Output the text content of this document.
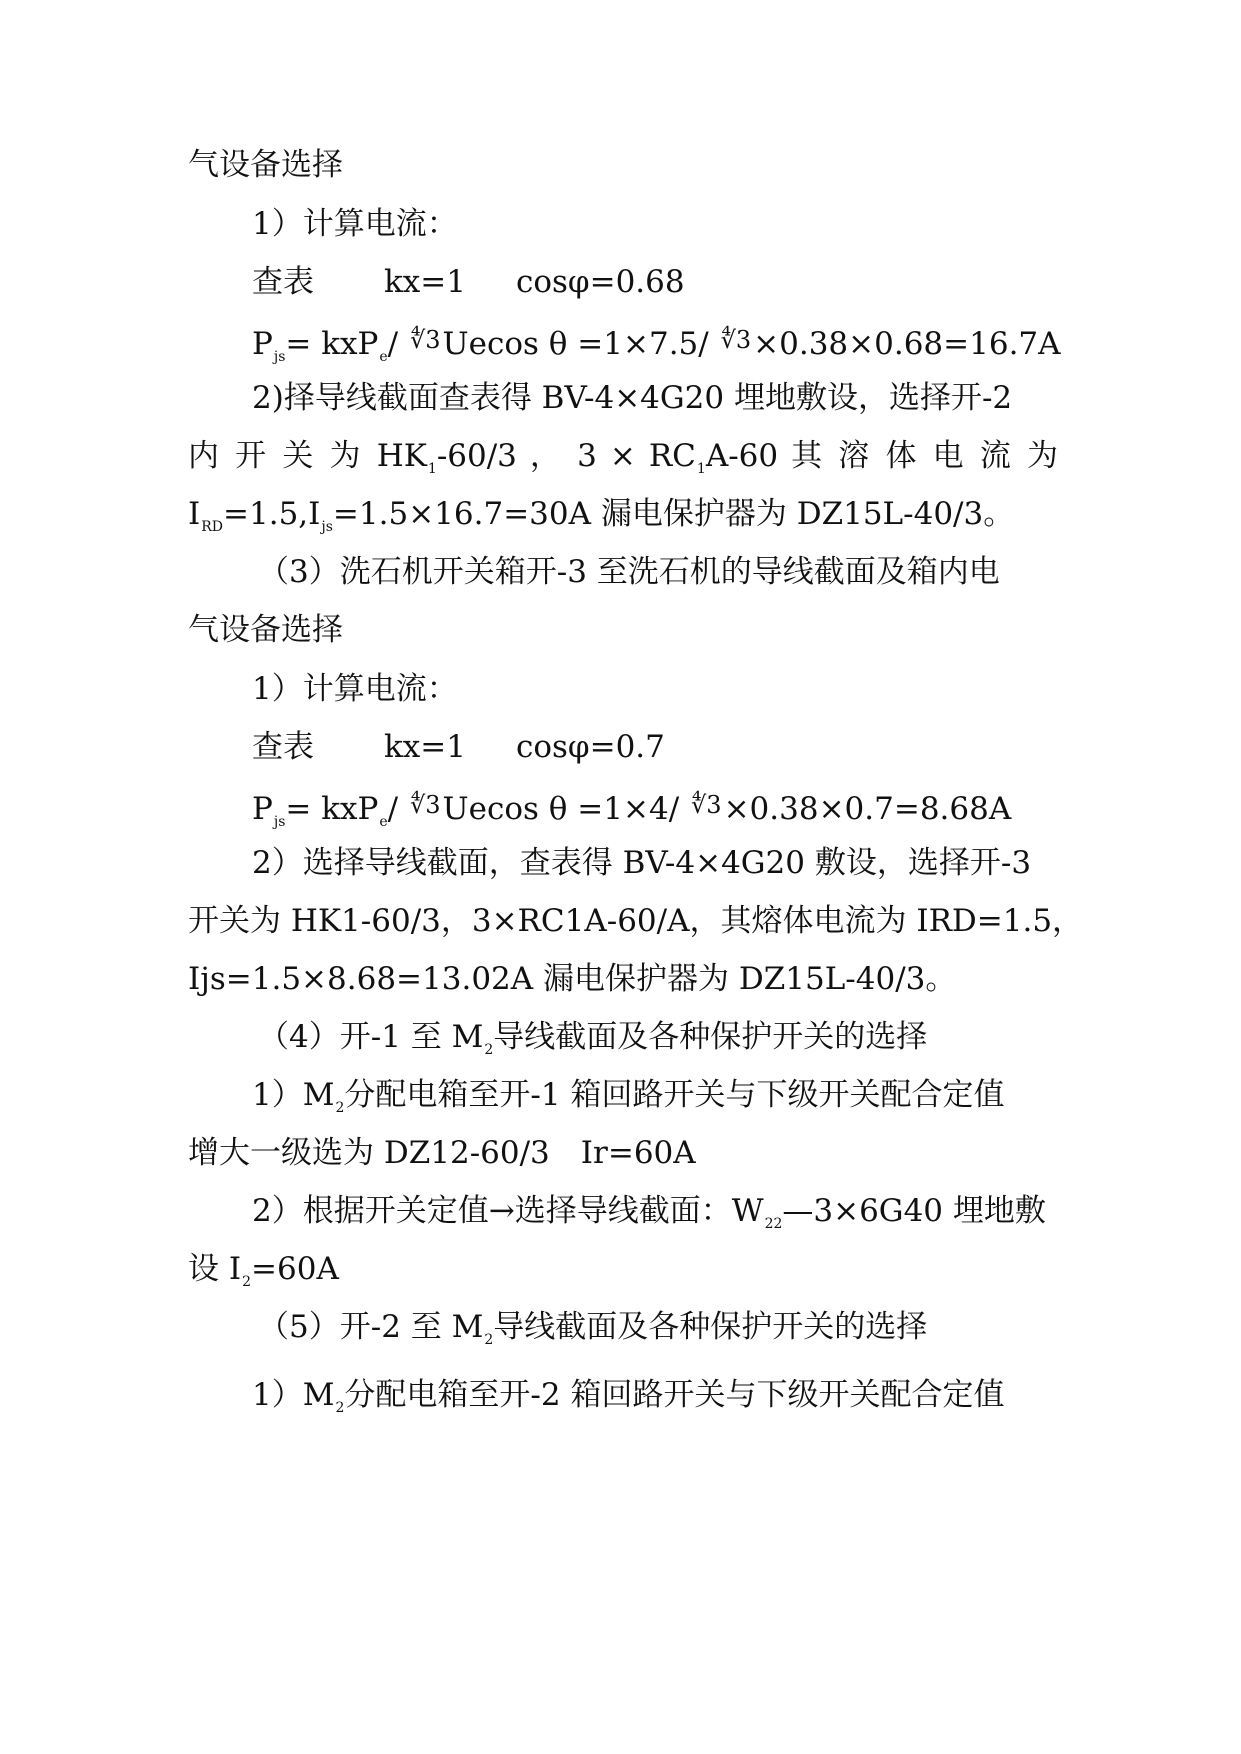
气设备选择
1）计算电流：
查表 kx=1 cosφ=0.68
$P_{js}= kxP_e/$ ∜3Uecos θ =1×7.5/ ∜3×0.38×0.68=16.7A
2)择导线截面查表得 BV-4×4G20 埋地敷设，选择开-2
内 开 关 为 $HK_1-60/3$ ， $3 \times RC_1A-60$ 其 溶 体 电 流 为
$I_{RD}=1.5,I_{js}=1.5\times 16.7=30A$ 漏电保护器为 DZ15L-40/3。
（3）洗石机开关箱开-3 至洗石机的导线截面及箱内电
气设备选择
1）计算电流：
查表 kx=1 cosφ=0.7
$P_{js}= kxP_e/$ ∜3Uecos θ =1×4/ ∜3×0.38×0.7=8.68A
2）选择导线截面，查表得 BV-4×4G20 敷设，选择开-3
开关为 HK1-60/3，3×RC1A-60/A，其熔体电流为 IRD=1.5，
Ijs=1.5×8.68=13.02A 漏电保护器为 DZ15L-40/3。
（4）开-1 至 $M_2$导线截面及各种保护开关的选择
$1)M_2$分配电箱至开-1 箱回路开关与下级开关配合定值
增大一级选为 DZ12-60/3　Ir=60A
2）根据开关定值→选择导线截面：$W_{22}—3\times 6G40$ 埋地敷
设 $I_2=60A$
（5）开-2 至 $M_2$导线截面及各种保护开关的选择
$1)M_2$分配电箱至开-2 箱回路开关与下级开关配合定值
